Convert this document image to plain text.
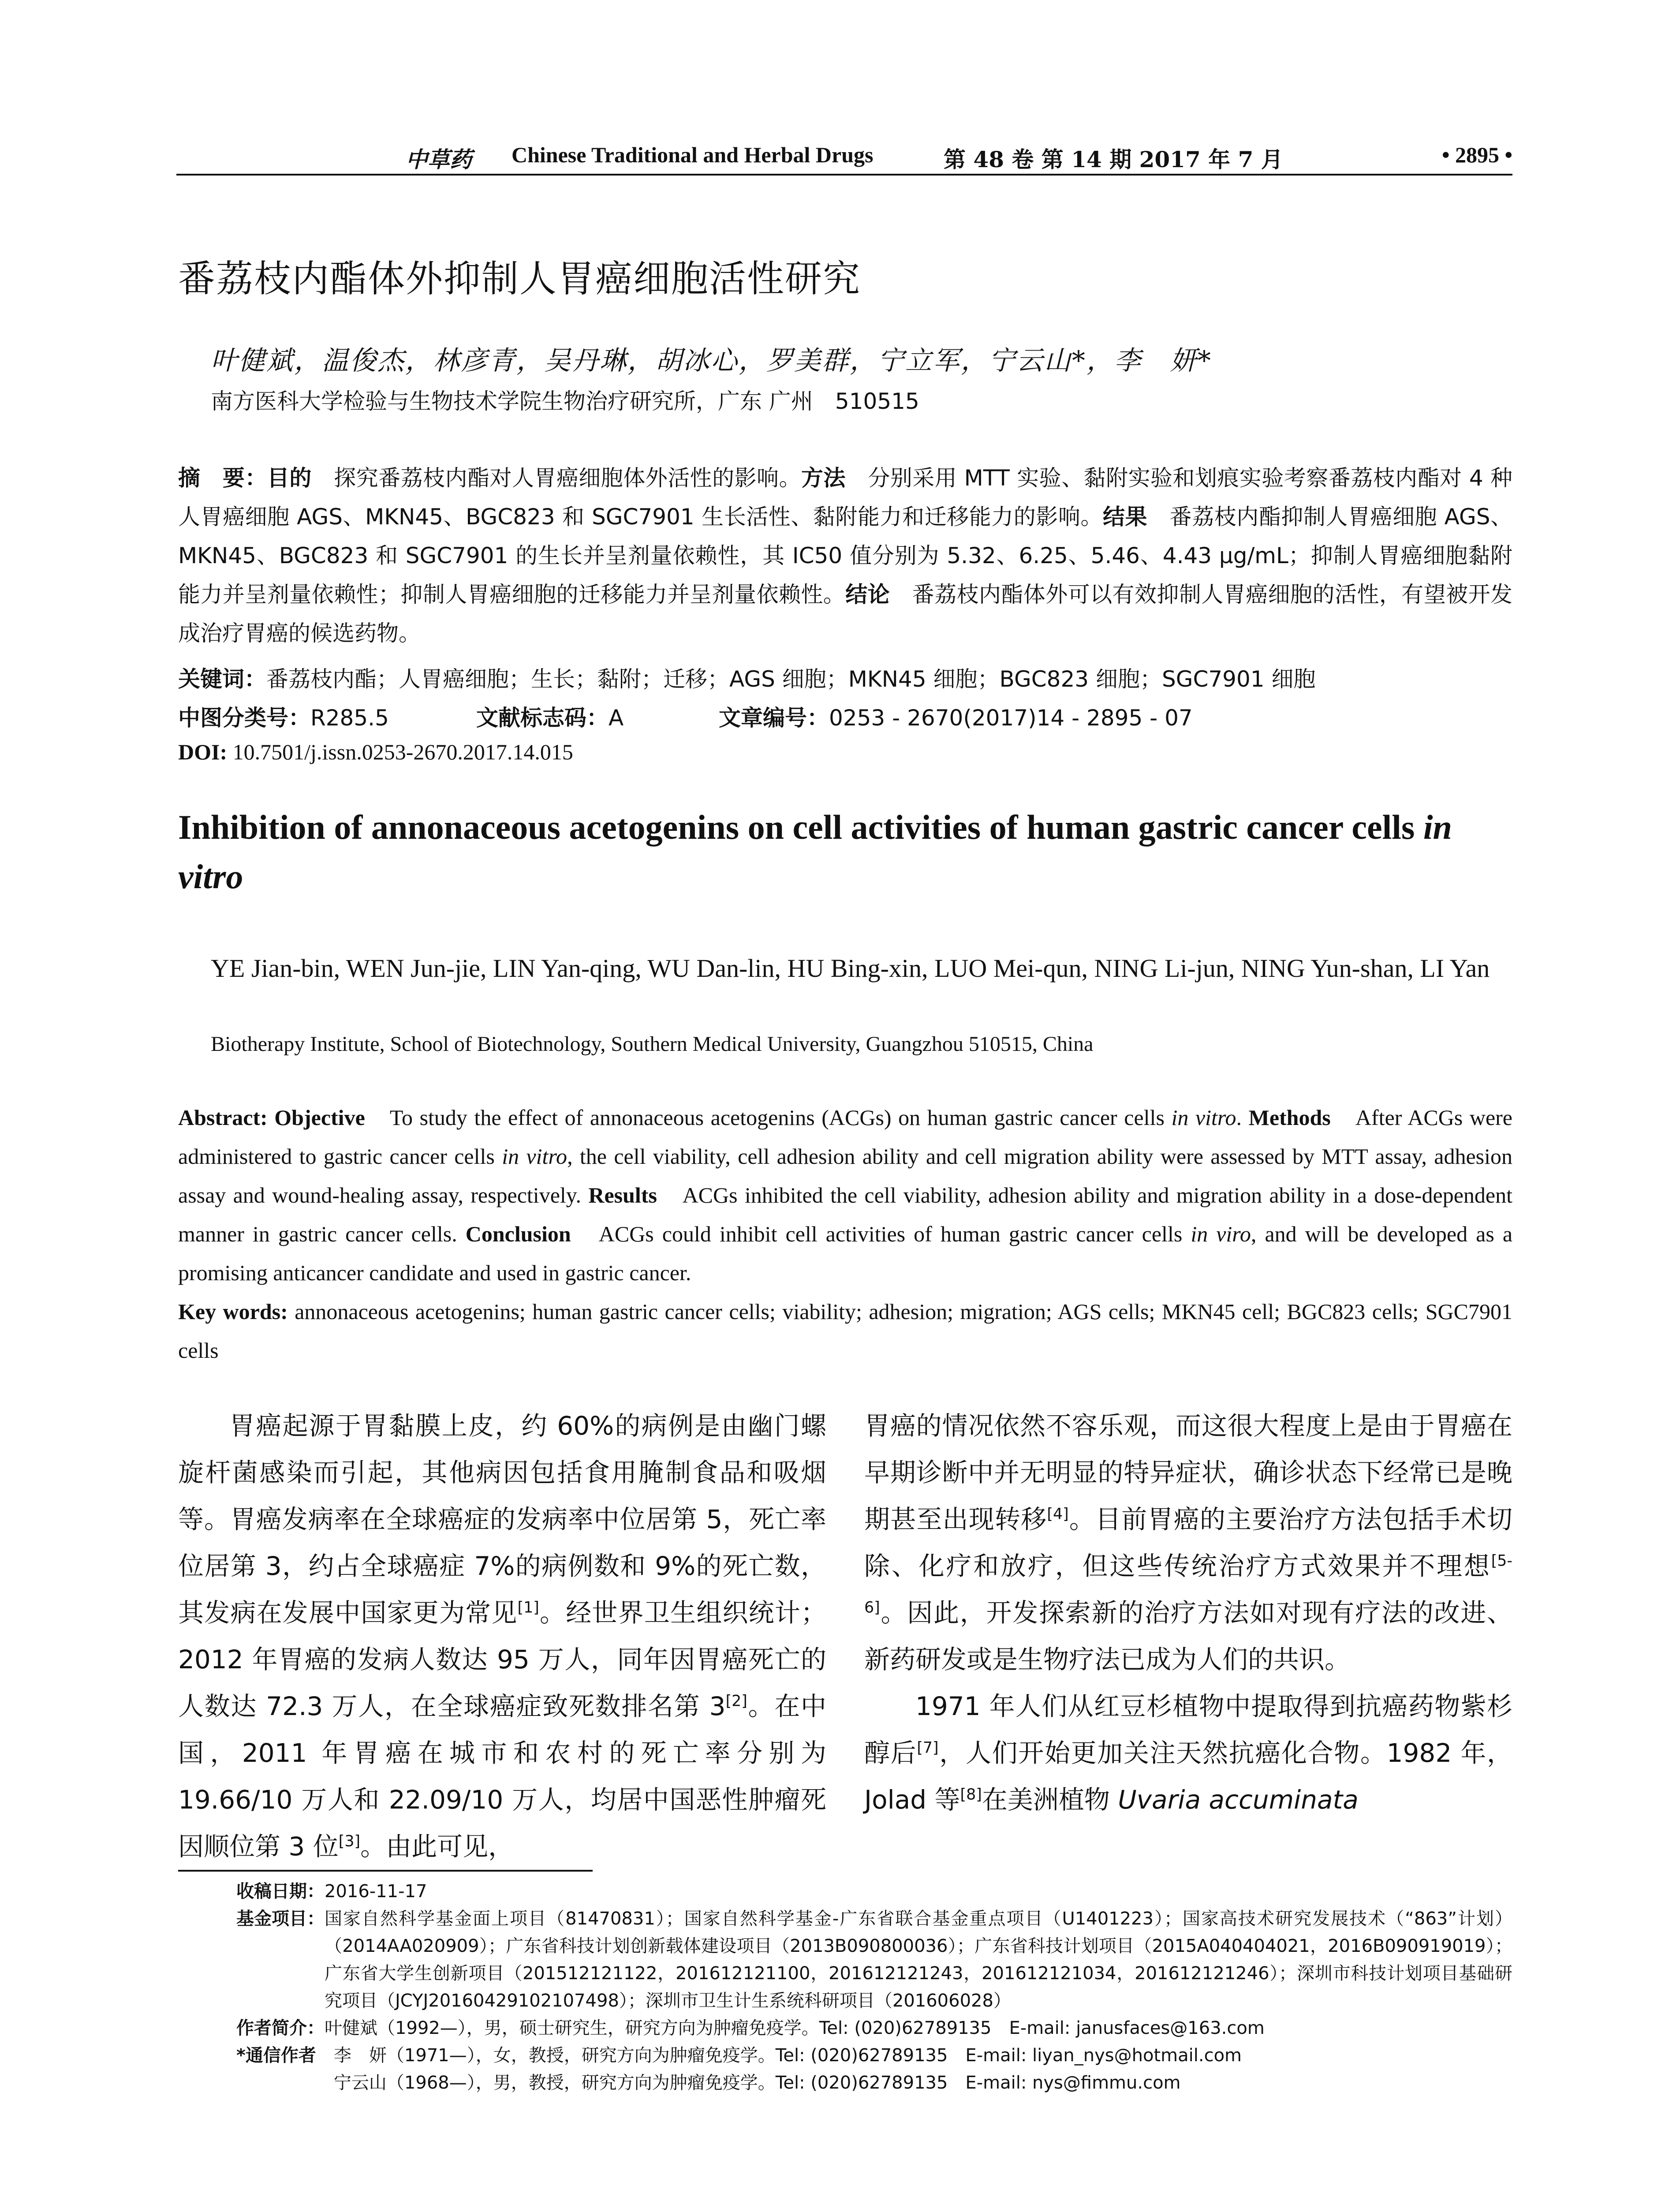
中草药 Chinese Traditional and Herbal Drugs	第 48 卷 第 14 期 2017 年 7 月	• 2895 •
番荔枝内酯体外抑制人胃癌细胞活性研究
叶健斌，温俊杰，林彦青，吴丹琳，胡冰心，罗美群，宁立军，宁云山*，李　妍*
南方医科大学检验与生物技术学院生物治疗研究所，广东 广州　510515
摘　要：目的　探究番荔枝内酯对人胃癌细胞体外活性的影响。方法　分别采用 MTT 实验、黏附实验和划痕实验考察番荔枝内酯对 4 种人胃癌细胞 AGS、MKN45、BGC823 和 SGC7901 生长活性、黏附能力和迁移能力的影响。结果　番荔枝内酯抑制人胃癌细胞 AGS、MKN45、BGC823 和 SGC7901 的生长并呈剂量依赖性，其 IC50 值分别为 5.32、6.25、5.46、4.43 μg/mL；抑制人胃癌细胞黏附能力并呈剂量依赖性；抑制人胃癌细胞的迁移能力并呈剂量依赖性。结论　番荔枝内酯体外可以有效抑制人胃癌细胞的活性，有望被开发成治疗胃癌的候选药物。
关键词：番荔枝内酯；人胃癌细胞；生长；黏附；迁移；AGS 细胞；MKN45 细胞；BGC823 细胞；SGC7901 细胞
中图分类号：R285.5	文献标志码：A	文章编号：0253 - 2670(2017)14 - 2895 - 07
DOI: 10.7501/j.issn.0253-2670.2017.14.015
Inhibition of annonaceous acetogenins on cell activities of human gastric cancer cells in vitro
YE Jian-bin, WEN Jun-jie, LIN Yan-qing, WU Dan-lin, HU Bing-xin, LUO Mei-qun, NING Li-jun, NING Yun-shan, LI Yan
Biotherapy Institute, School of Biotechnology, Southern Medical University, Guangzhou 510515, China
Abstract: Objective　To study the effect of annonaceous acetogenins (ACGs) on human gastric cancer cells in vitro. Methods　After ACGs were administered to gastric cancer cells in vitro, the cell viability, cell adhesion ability and cell migration ability were assessed by MTT assay, adhesion assay and wound-healing assay, respectively. Results　ACGs inhibited the cell viability, adhesion ability and migration ability in a dose-dependent manner in gastric cancer cells. Conclusion　ACGs could inhibit cell activities of human gastric cancer cells in viro, and will be developed as a promising anticancer candidate and used in gastric cancer.
Key words: annonaceous acetogenins; human gastric cancer cells; viability; adhesion; migration; AGS cells; MKN45 cell; BGC823 cells; SGC7901 cells

胃癌起源于胃黏膜上皮，约 60%的病例是由幽门螺旋杆菌感染而引起，其他病因包括食用腌制食品和吸烟等。胃癌发病率在全球癌症的发病率中位居第 5，死亡率位居第 3，约占全球癌症 7%的病例数和 9%的死亡数，其发病在发展中国家更为常见[1]。经世界卫生组织统计；2012 年胃癌的发病人数达 95 万人，同年因胃癌死亡的人数达 72.3 万人，在全球癌症致死数排名第 3[2]。在中国，2011 年胃癌在城市和农村的死亡率分别为 19.66/10 万人和 22.09/10 万人，均居中国恶性肿瘤死因顺位第 3 位[3]。由此可见，

胃癌的情况依然不容乐观，而这很大程度上是由于胃癌在早期诊断中并无明显的特异症状，确诊状态下经常已是晚期甚至出现转移[4]。目前胃癌的主要治疗方法包括手术切除、化疗和放疗，但这些传统治疗方式效果并不理想[5-6]。因此，开发探索新的治疗方法如对现有疗法的改进、新药研发或是生物疗法已成为人们的共识。

1971 年人们从红豆杉植物中提取得到抗癌药物紫杉醇后[7]，人们开始更加关注天然抗癌化合物。1982 年，Jolad 等[8]在美洲植物 Uvaria accuminata

收稿日期： 2016-11-17
基金项目： 国家自然科学基金面上项目（81470831）；国家自然科学基金-广东省联合基金重点项目（U1401223）；国家高技术研究发展技术（“863”计划）（2014AA020909）；广东省科技计划创新载体建设项目（2013B090800036）；广东省科技计划项目（2015A040404021，2016B090919019）；广东省大学生创新项目（201512121122，201612121100，201612121243，201612121034，201612121246）；深圳市科技计划项目基础研究项目（JCYJ20160429102107498）；深圳市卫生计生系统科研项目（201606028）
作者简介： 叶健斌（1992—），男，硕士研究生，研究方向为肿瘤免疫学。Tel: (020)62789135　E-mail: janusfaces@163.com
*通信作者 　李　妍（1971—），女，教授，研究方向为肿瘤免疫学。Tel: (020)62789135　E-mail: liyan_nys@hotmail.com
宁云山（1968—），男，教授，研究方向为肿瘤免疫学。Tel: (020)62789135　E-mail: nys@fimmu.com
